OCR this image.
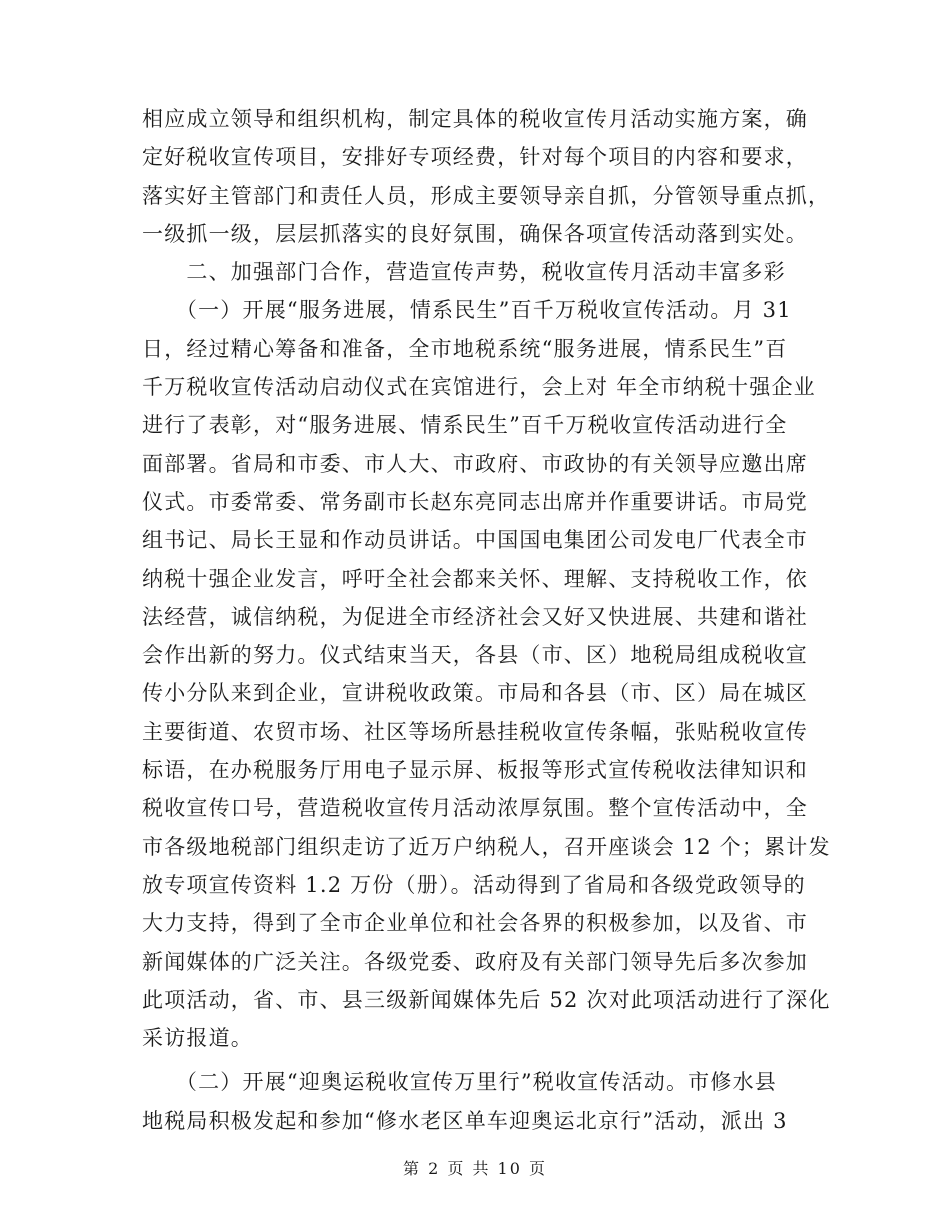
相应成立领导和组织机构，制定具体的税收宣传月活动实施方案，确
定好税收宣传项目，安排好专项经费，针对每个项目的内容和要求，
落实好主管部门和责任人员，形成主要领导亲自抓，分管领导重点抓，
一级抓一级，层层抓落实的良好氛围，确保各项宣传活动落到实处。
　　二、加强部门合作，营造宣传声势，税收宣传月活动丰富多彩
　　（一）开展“服务进展，情系民生”百千万税收宣传活动。月 31
日，经过精心筹备和准备，全市地税系统“服务进展，情系民生”百
千万税收宣传活动启动仪式在宾馆进行，会上对 年全市纳税十强企业
进行了表彰，对“服务进展、情系民生”百千万税收宣传活动进行全
面部署。省局和市委、市人大、市政府、市政协的有关领导应邀出席
仪式。市委常委、常务副市长赵东亮同志出席并作重要讲话。市局党
组书记、局长王显和作动员讲话。中国国电集团公司发电厂代表全市
纳税十强企业发言，呼吁全社会都来关怀、理解、支持税收工作，依
法经营，诚信纳税，为促进全市经济社会又好又快进展、共建和谐社
会作出新的努力。仪式结束当天，各县（市、区）地税局组成税收宣
传小分队来到企业，宣讲税收政策。市局和各县（市、区）局在城区
主要街道、农贸市场、社区等场所悬挂税收宣传条幅，张贴税收宣传
标语，在办税服务厅用电子显示屏、板报等形式宣传税收法律知识和
税收宣传口号，营造税收宣传月活动浓厚氛围。整个宣传活动中，全
市各级地税部门组织走访了近万户纳税人，召开座谈会 12 个；累计发
放专项宣传资料 1.2 万份（册）。活动得到了省局和各级党政领导的
大力支持，得到了全市企业单位和社会各界的积极参加，以及省、市
新闻媒体的广泛关注。各级党委、政府及有关部门领导先后多次参加
此项活动，省、市、县三级新闻媒体先后 52 次对此项活动进行了深化
采访报道。
　　（二）开展“迎奥运税收宣传万里行”税收宣传活动。市修水县
地税局积极发起和参加“修水老区单车迎奥运北京行”活动，派出 3
第 2 页 共 10 页
